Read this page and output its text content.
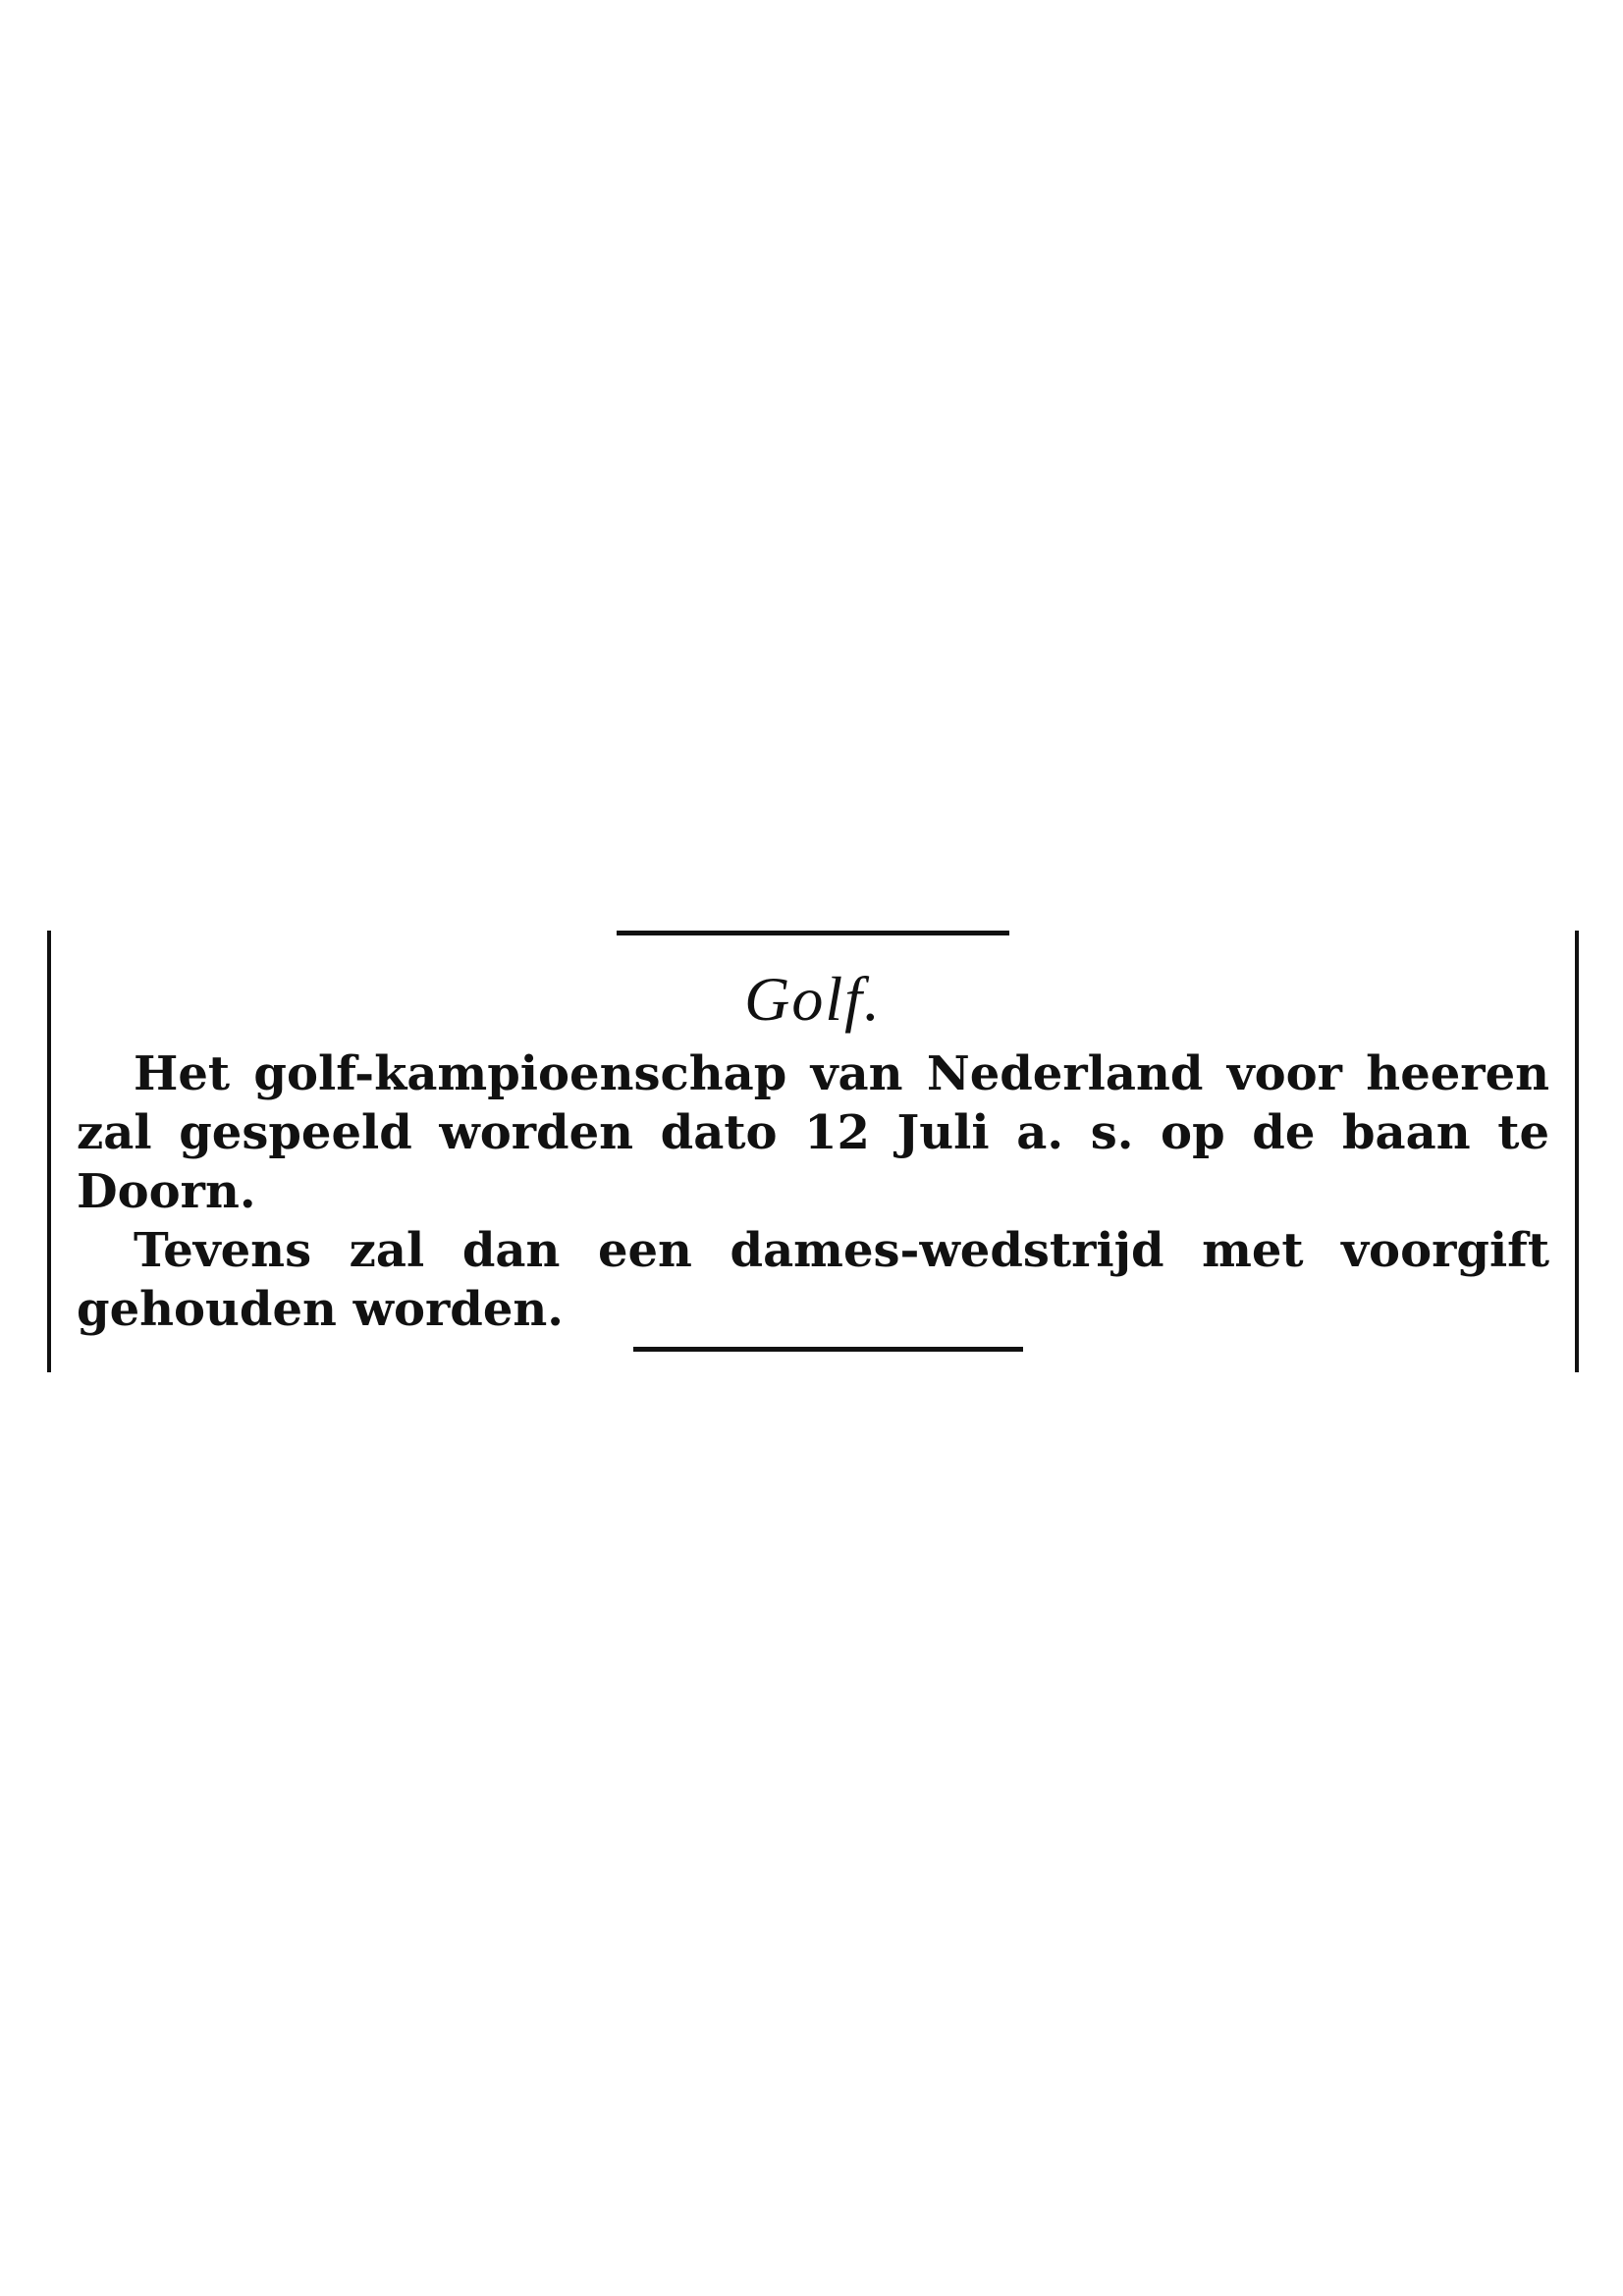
Golf.

Het golf-kampioenschap van Nederland voor heeren zal gespeeld worden dato 12 Juli a. s. op de baan te Doorn.

Tevens zal dan een dames-wedstrijd met voorgift gehouden worden.
